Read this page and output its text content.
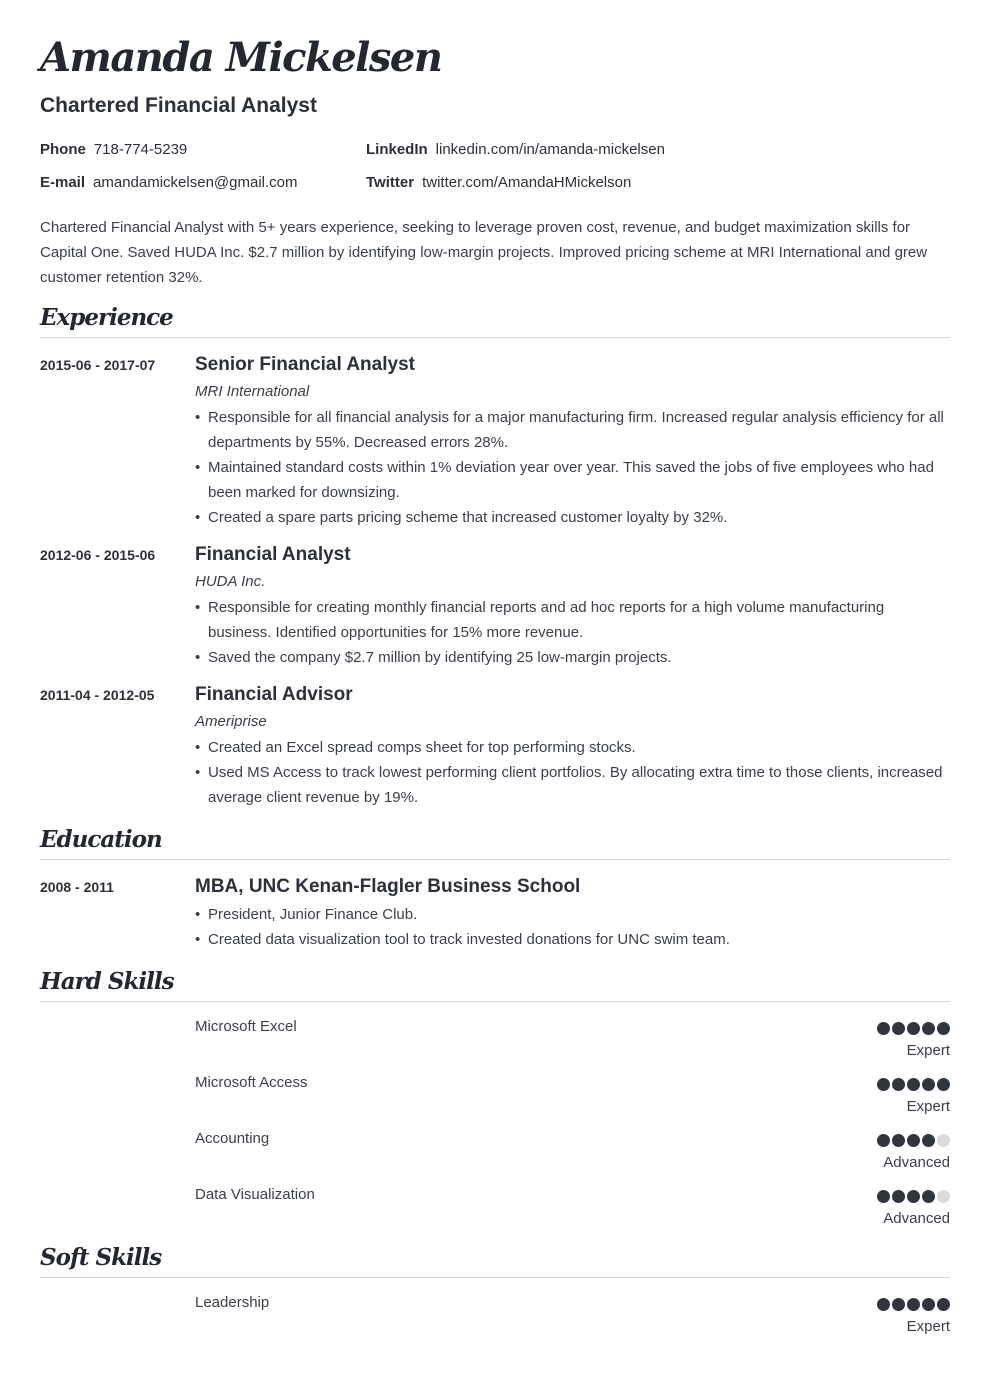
Amanda Mickelsen
Chartered Financial Analyst
Phone 718-774-5239
E-mail amandamickelsen@gmail.com
LinkedIn linkedin.com/in/amanda-mickelsen
Twitter twitter.com/AmandaHMickelson

Chartered Financial Analyst with 5+ years experience, seeking to leverage proven cost, revenue, and budget maximization skills for Capital One. Saved HUDA Inc. $2.7 million by identifying low-margin projects. Improved pricing scheme at MRI International and grew customer retention 32%.

Experience
2015-06 - 2017-07 Senior Financial Analyst
MRI International
• Responsible for all financial analysis for a major manufacturing firm. Increased regular analysis efficiency for all departments by 55%. Decreased errors 28%.
• Maintained standard costs within 1% deviation year over year. This saved the jobs of five employees who had been marked for downsizing.
• Created a spare parts pricing scheme that increased customer loyalty by 32%.
2012-06 - 2015-06 Financial Analyst
HUDA Inc.
• Responsible for creating monthly financial reports and ad hoc reports for a high volume manufacturing business. Identified opportunities for 15% more revenue.
• Saved the company $2.7 million by identifying 25 low-margin projects.
2011-04 - 2012-05 Financial Advisor
Ameriprise
• Created an Excel spread comps sheet for top performing stocks.
• Used MS Access to track lowest performing client portfolios. By allocating extra time to those clients, increased average client revenue by 19%.
Education
2008 - 2011	MBA, UNC Kenan-Flagler Business School
• President, Junior Finance Club.
• Created data visualization tool to track invested donations for UNC swim team.
Hard Skills
Microsoft Excel
Expert
Microsoft Access
Expert
Accounting
Advanced
Data Visualization
Advanced
Soft Skills
Leadership
Expert
